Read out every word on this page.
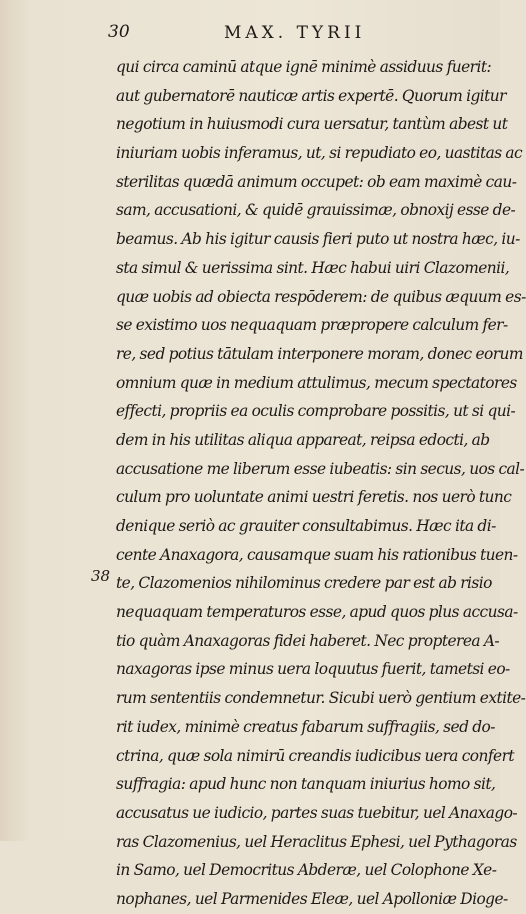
30	MAX. TYRII
38
qui circa caminū atque ignē minimè assiduus fuerit:
aut gubernatorē nauticæ artis expertē. Quorum igitur
negotium in huiusmodi cura uersatur, tantùm abest ut
iniuriam uobis inferamus, ut, si repudiato eo, uastitas ac
sterilitas quædā animum occupet: ob eam maximè cau-
sam, accusationi, & quidē grauissimæ, obnoxij esse de-
beamus. Ab his igitur causis fieri puto ut nostra hæc, iu-
sta simul & uerissima sint. Hæc habui uiri Clazomenii,
quæ uobis ad obiecta respōderem: de quibus æquum es-
se existimo uos nequaquam præpropere calculum fer-
re, sed potius tātulam interponere moram, donec eorum
omnium quæ in medium attulimus, mecum spectatores
effecti, propriis ea oculis comprobare possitis, ut si qui-
dem in his utilitas aliqua appareat, reipsa edocti, ab
accusatione me liberum esse iubeatis: sin secus, uos cal-
culum pro uoluntate animi uestri feretis. nos uerò tunc
denique seriò ac grauiter consultabimus. Hæc ita di-
cente Anaxagora, causamque suam his rationibus tuen-
te, Clazomenios nihilominus credere par est ab risio
nequaquam temperaturos esse, apud quos plus accusa-
tio quàm Anaxagoras fidei haberet. Nec propterea A-
naxagoras ipse minus uera loquutus fuerit, tametsi eo-
rum sententiis condemnetur. Sicubi uerò gentium extite-
rit iudex, minimè creatus fabarum suffragiis, sed do-
ctrina, quæ sola nimirū creandis iudicibus uera confert
suffragia: apud hunc non tanquam iniurius homo sit,
accusatus ue iudicio, partes suas tuebitur, uel Anaxago-
ras Clazomenius, uel Heraclitus Ephesi, uel Pythagoras
in Samo, uel Democritus Abderæ, uel Colophone Xe-
nophanes, uel Parmenides Eleæ, uel Apolloniæ Dioge-
